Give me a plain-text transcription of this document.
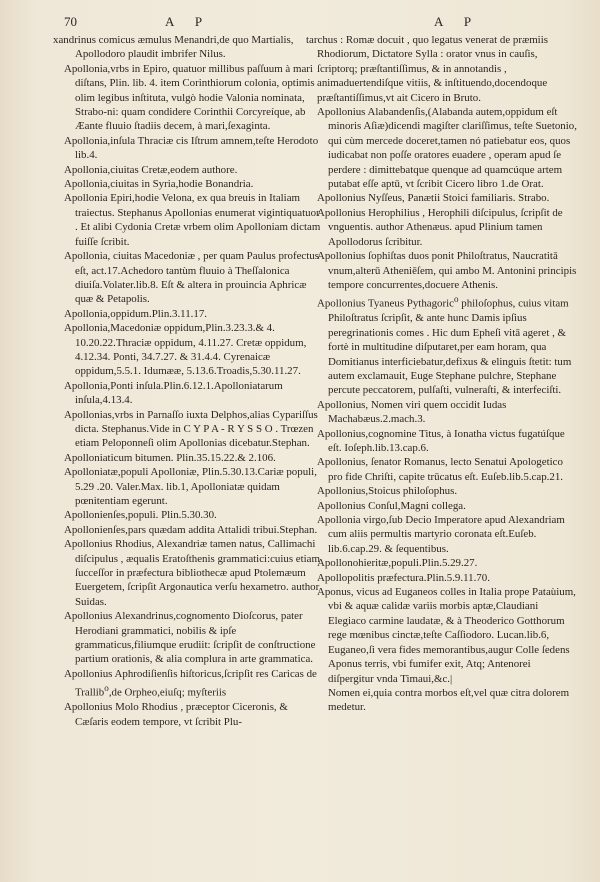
70	A P	A P

xandrinus comicus æmulus Menandri,de quo Martialis,

Apollodoro plaudit imbrifer Nilus.

Apollonia,vrbs in Epiro, quatuor millibus paſſuum à mari diſtans, Plin. lib. 4. item Corinthiorum colonia, optimis olim legibus inſtituta, vulgò hodie Valonia nominata, Strabo-ni: quam condidere Corinthii Corcyreíque, ab Æante fluuio ſtadiis decem, à mari,ſexaginta.

Apollonia,inſula Thraciæ cis Iſtrum amnem,teſte Herodoto lib.4.

Apollonia,ciuitas Cretæ,eodem authore.

Apollonia,ciuitas in Syria,hodie Bonandria.

Apollonia Epiri,hodie Velona, ex qua breuis in Italiam traiectus. Stephanus Apollonias enumerat vigintiquatuor . Et alibi Cydonia Cretæ vrbem olim Apolloniam dictam fuiſſe ſcribit.

Apollonia, ciuitas Macedoniæ , per quam Paulus profectus eſt, act.17.Achedoro tantùm fluuio à Theſſalonica diuiſa.Volater.lib.8. Eſt & altera in prouincia Aphricæ quæ & Petapolis.

Apollonia,oppidum.Plin.3.11.17.

Apollonia,Macedoniæ oppidum,Plin.3.23.3.& 4. 10.20.22.Thraciæ oppidum, 4.11.27. Cretæ oppidum, 4.12.34. Ponti, 34.7.27. & 31.4.4. Cyrenaicæ oppidum,5.5.1. Idumææ, 5.13.6.Troadis,5.30.11.27.

Apollonia,Ponti inſula.Plin.6.12.1.Apolloniatarum inſula,4.13.4.

Apollonias,vrbs in Parnaſſo iuxta Delphos,alias Cypariſſus dicta. Stephanus.Vide in C Y P A - R Y S S O . Trœzen etiam Peloponneſi olim Apollonias dicebatur.Stephan.

Apolloniaticum bitumen. Plin.35.15.22.& 2.106.

Apolloniatæ,populi Apolloniæ, Plin.5.30.13.Cariæ populi, 5.29 .20. Valer.Max. lib.1, Apolloniatæ quidam pœnitentiam egerunt.

Apollonienſes,populi. Plin.5.30.30.

Apollonienſes,pars quædam addita Attalidi tribui.Stephan.

Apollonius Rhodius, Alexandriæ tamen natus, Callimachi diſcipulus , æqualis Eratoſthenis grammatici:cuius etiam ſucceſſor in præfectura bibliothecæ apud Ptolemæum Euergetem, ſcripſit Argonautica verſu hexametro. author Suidas.

Apollonius Alexandrinus,cognomento Dioſcorus, pater Herodiani grammatici, nobilis & ipſe grammaticus,filiumque erudiit: ſcripſit de conſtructione partium orationis, & alia complura in arte grammatica.

Apollonius Aphrodiſienſis hiſtoricus,ſcripſit res Caricas de Trallib$^o$,de Orpheo,eiuſq; myſteriis

Apollonius Molo Rhodius , præceptor Ciceronis, & Cæſaris eodem tempore, vt ſcribit Plu-

tarchus : Romæ docuit , quo legatus venerat de præmiis Rhodiorum, Dictatore Sylla : orator vnus in cauſis, ſcriptorq; præſtantiſſimus, & in annotandis , animaduertendiſque vitiis, & inſtituendo,docendoque præſtantiſſimus,vt ait Cicero in Bruto.

Apollonius Alabandenſis,(Alabanda autem,oppidum eſt minoris Aſiæ)dicendi magiſter clariſſimus, teſte Suetonio, qui cùm mercede doceret,tamen nó patiebatur eos, quos iudicabat non poſſe oratores euadere , operam apud ſe perdere : dimittebatque quenque ad quamcúque artem putabat eſſe aptū, vt ſcribit Cicero libro 1.de Orat.

Apollonius Nyſſeus, Panætii Stoici familiaris. Strabo.

Apollonius Herophilius , Herophili diſcipulus, ſcripſit de vnguentis. author Athenæus. apud Plinium tamen Apollodorus ſcribitur.

Apollonius ſophiſtas duos ponit Philoſtratus, Naucratitā vnum,alterū Atheniēſem, qui ambo M. Antonini principis tempore concurrentes,docuere Athenis.

Apollonius Tyaneus Pythagoric$^o$ philoſophus, cuius vitam Philoſtratus ſcripſit, & ante hunc Damis ipſius peregrinationis comes . Hic dum Epheſi vitā ageret , & fortè in multitudine diſputaret,per eam horam, qua Domitianus interficiebatur,defixus & elinguis ſtetit: tum autem exclamauit, Euge Stephane pulchre, Stephane percute peccatorem, pulſaſti, vulneraſti, & interfeciſti.

Apollonius, Nomen viri quem occidit Iudas Machabæus.2.mach.3.

Apollonius,cognomine Titus, à Ionatha victus fugatúſque eſt. Ioſeph.lib.13.cap.6.

Apollonius, ſenator Romanus, lecto Senatui Apologetico pro fide Chriſti, capite trūcatus eſt. Euſeb.lib.5.cap.21.

Apollonius,Stoicus philoſophus.

Apollonius Conſul,Magni collega.

Apollonia virgo,ſub Decio Imperatore apud Alexandriam cum aliis permultis martyrio coronata eſt.Euſeb. lib.6.cap.29. & ſequentibus.

Apollonohieritæ,populi.Plin.5.29.27.

Apollopolitis præfectura.Plin.5.9.11.70.

Aponus, vicus ad Euganeos colles in Italia prope Pataùium, vbi & aquæ calidæ variis morbis aptæ,Claudiani Elegiaco carmine laudatæ, & à Theoderico Gotthorum rege mœnibus cinctæ,teſte Caſſiodoro. Lucan.lib.6, Euganeo,ſi vera fides memorantibus,augur Colle ſedens Aponus terris, vbi fumifer exit, Atq; Antenorei diſpergitur vnda Timaui,&c.|

Nomen ei,quia contra morbos eſt,vel quæ citra dolorem medetur.
